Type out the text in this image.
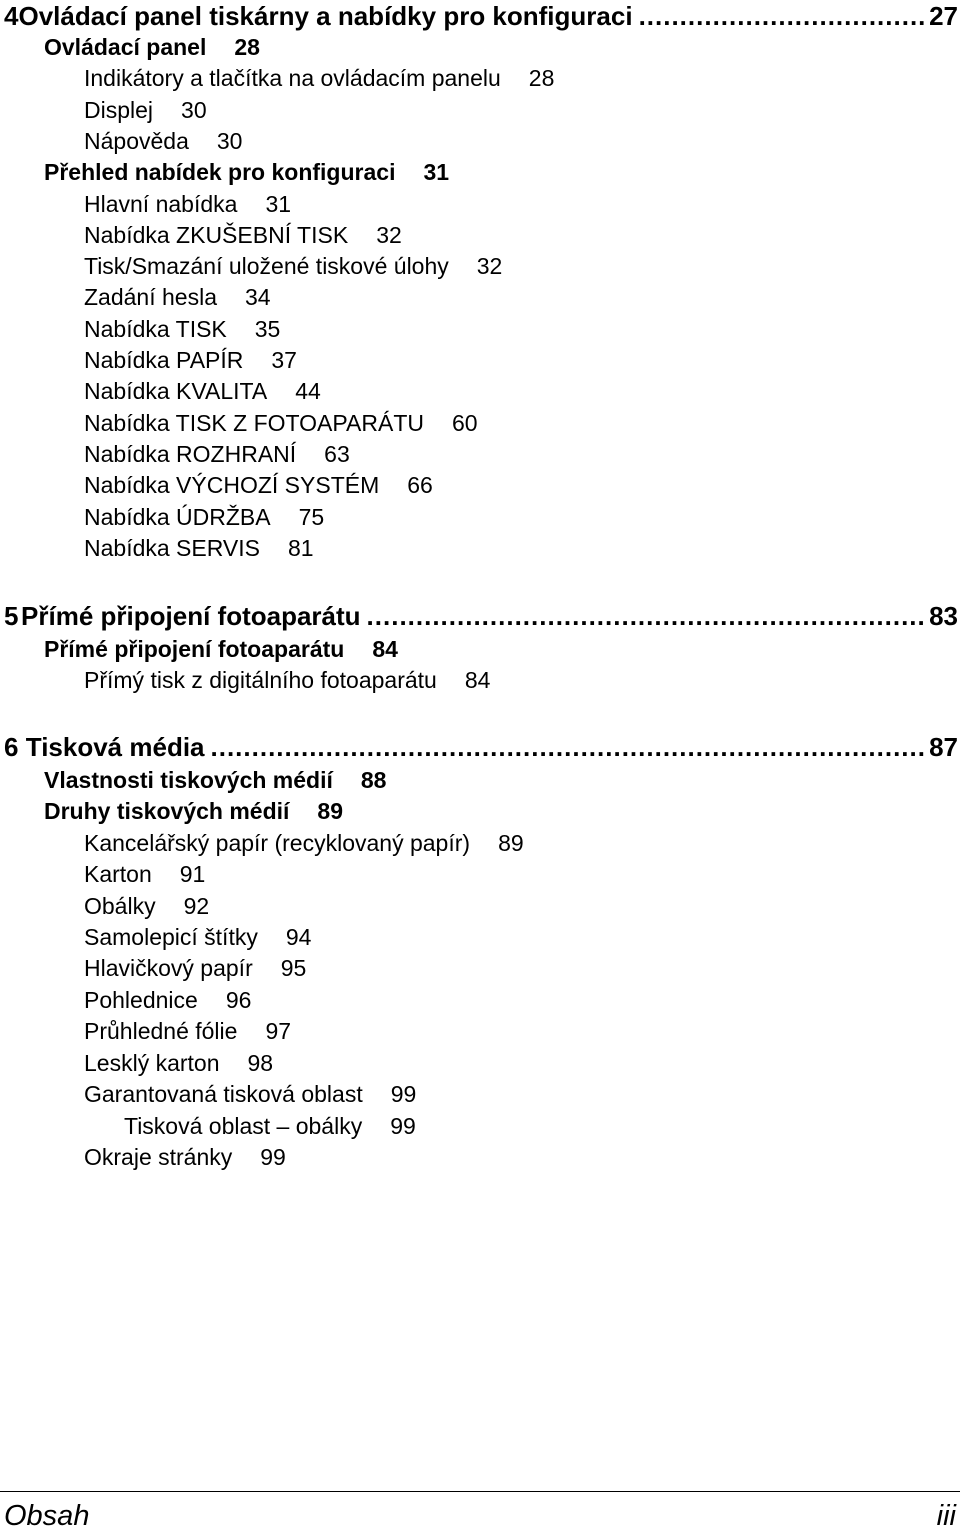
4 Ovládací panel tiskárny a nabídky pro konfiguraci .....	27
Ovládací panel 28
Indikátory a tlačítka na ovládacím panelu 28
Displej 30
Nápověda 30
Přehled nabídek pro konfiguraci 31
Hlavní nabídka 31
Nabídka ZKUŠEBNÍ TISK 32
Tisk/Smazání uložené tiskové úlohy 32
Zadání hesla 34
Nabídka TISK 35
Nabídka PAPÍR 37
Nabídka KVALITA 44
Nabídka TISK Z FOTOAPARÁTU 60
Nabídka ROZHRANÍ 63
Nabídka VÝCHOZÍ SYSTÉM 66
Nabídka ÚDRŽBA 75
Nabídka SERVIS 81
5 Přímé připojení fotoaparátu .....	83
Přímé připojení fotoaparátu 84
Přímý tisk z digitálního fotoaparátu 84
6 Tisková média .....	87
Vlastnosti tiskových médií 88
Druhy tiskových médií 89
Kancelářský papír (recyklovaný papír) 89
Karton 91
Obálky 92
Samolepicí štítky 94
Hlavičkový papír 95
Pohlednice 96
Průhledné fólie 97
Lesklý karton 98
Garantovaná tisková oblast 99
Tisková oblast – obálky 99
Okraje stránky 99
Obsah	iii
